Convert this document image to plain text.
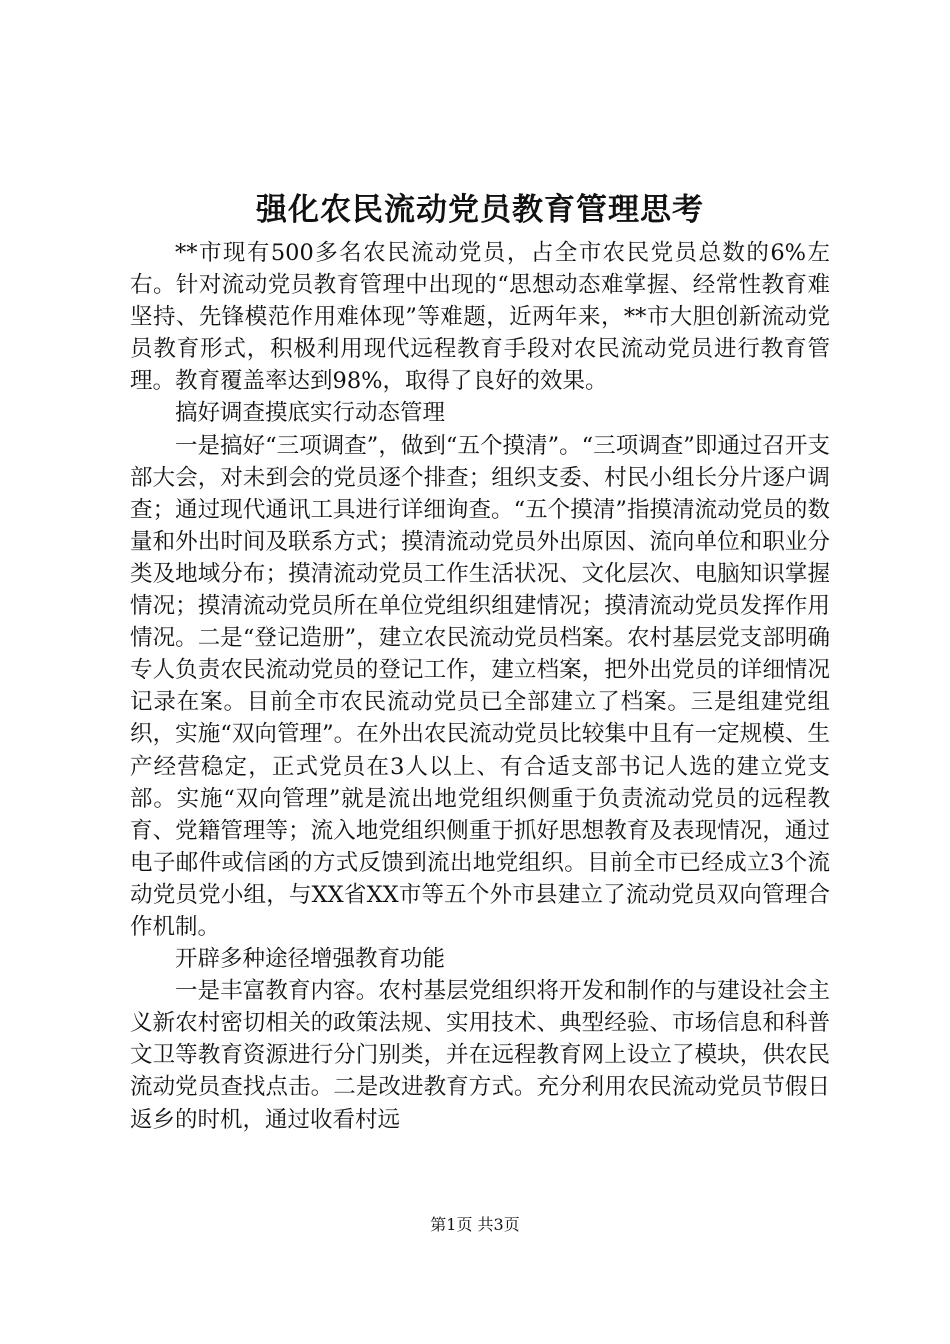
强化农民流动党员教育管理思考

**市现有500多名农民流动党员，占全市农民党员总数的6%左右。针对流动党员教育管理中出现的“思想动态难掌握、经常性教育难坚持、先锋模范作用难体现”等难题，近两年来，**市大胆创新流动党员教育形式，积极利用现代远程教育手段对农民流动党员进行教育管理。教育覆盖率达到98%，取得了良好的效果。

搞好调查摸底实行动态管理

一是搞好“三项调查”，做到“五个摸清”。“三项调查”即通过召开支部大会，对未到会的党员逐个排查；组织支委、村民小组长分片逐户调查；通过现代通讯工具进行详细询查。“五个摸清”指摸清流动党员的数量和外出时间及联系方式；摸清流动党员外出原因、流向单位和职业分类及地域分布；摸清流动党员工作生活状况、文化层次、电脑知识掌握情况；摸清流动党员所在单位党组织组建情况；摸清流动党员发挥作用情况。二是“登记造册”，建立农民流动党员档案。农村基层党支部明确专人负责农民流动党员的登记工作，建立档案，把外出党员的详细情况记录在案。目前全市农民流动党员已全部建立了档案。三是组建党组织，实施“双向管理”。在外出农民流动党员比较集中且有一定规模、生产经营稳定，正式党员在3人以上、有合适支部书记人选的建立党支部。实施“双向管理”就是流出地党组织侧重于负责流动党员的远程教育、党籍管理等；流入地党组织侧重于抓好思想教育及表现情况，通过电子邮件或信函的方式反馈到流出地党组织。目前全市已经成立3个流动党员党小组，与XX省XX市等五个外市县建立了流动党员双向管理合作机制。

开辟多种途径增强教育功能

一是丰富教育内容。农村基层党组织将开发和制作的与建设社会主义新农村密切相关的政策法规、实用技术、典型经验、市场信息和科普文卫等教育资源进行分门别类，并在远程教育网上设立了模块，供农民流动党员查找点击。二是改进教育方式。充分利用农民流动党员节假日返乡的时机，通过收看村远

第1页 共3页
